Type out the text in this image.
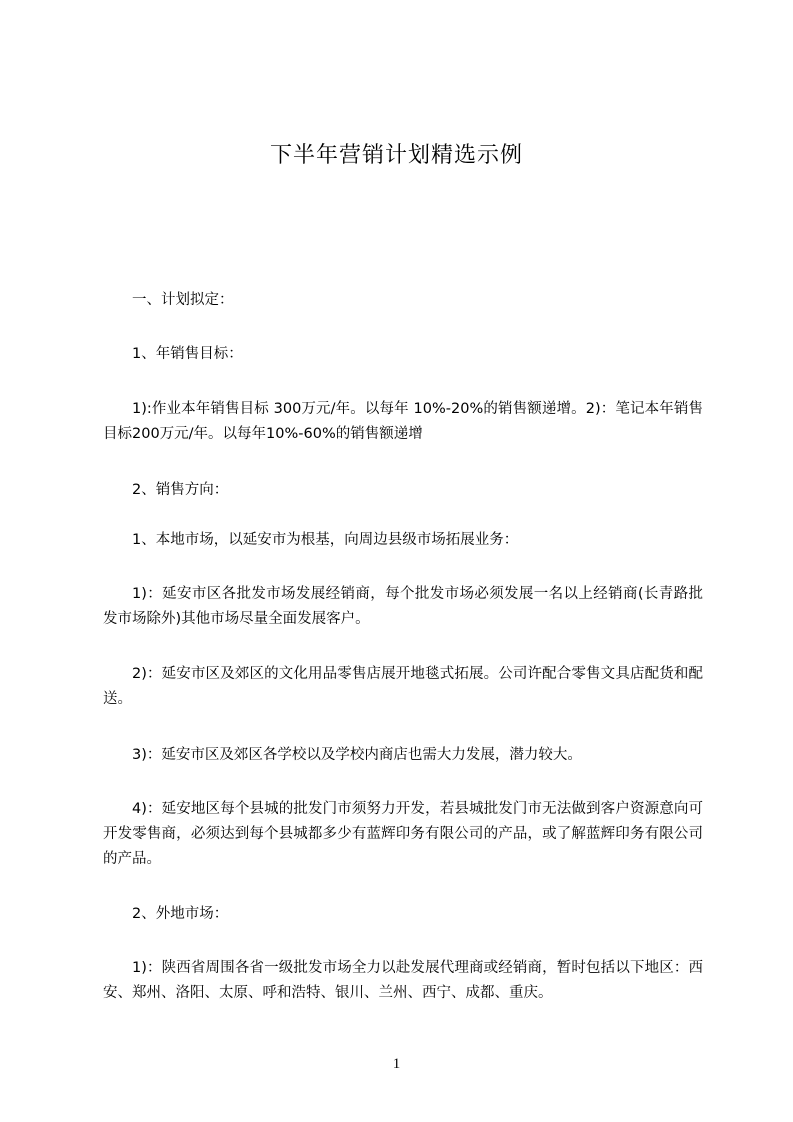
下半年营销计划精选示例

一、计划拟定：

1、年销售目标：

1):作业本年销售目标 300万元/年。以每年 10%-20%的销售额递增。2)：笔记本年销售目标200万元/年。以每年10%-60%的销售额递增

2、销售方向：

1、本地市场，以延安市为根基，向周边县级市场拓展业务：

1)：延安市区各批发市场发展经销商，每个批发市场必须发展一名以上经销商(长青路批发市场除外)其他市场尽量全面发展客户。

2)：延安市区及郊区的文化用品零售店展开地毯式拓展。公司许配合零售文具店配货和配送。

3)：延安市区及郊区各学校以及学校内商店也需大力发展，潜力较大。

4)：延安地区每个县城的批发门市须努力开发，若县城批发门市无法做到客户资源意向可开发零售商，必须达到每个县城都多少有蓝辉印务有限公司的产品，或了解蓝辉印务有限公司的产品。

2、外地市场：

1)：陕西省周围各省一级批发市场全力以赴发展代理商或经销商，暂时包括以下地区：西安、郑州、洛阳、太原、呼和浩特、银川、兰州、西宁、成都、重庆。

1
